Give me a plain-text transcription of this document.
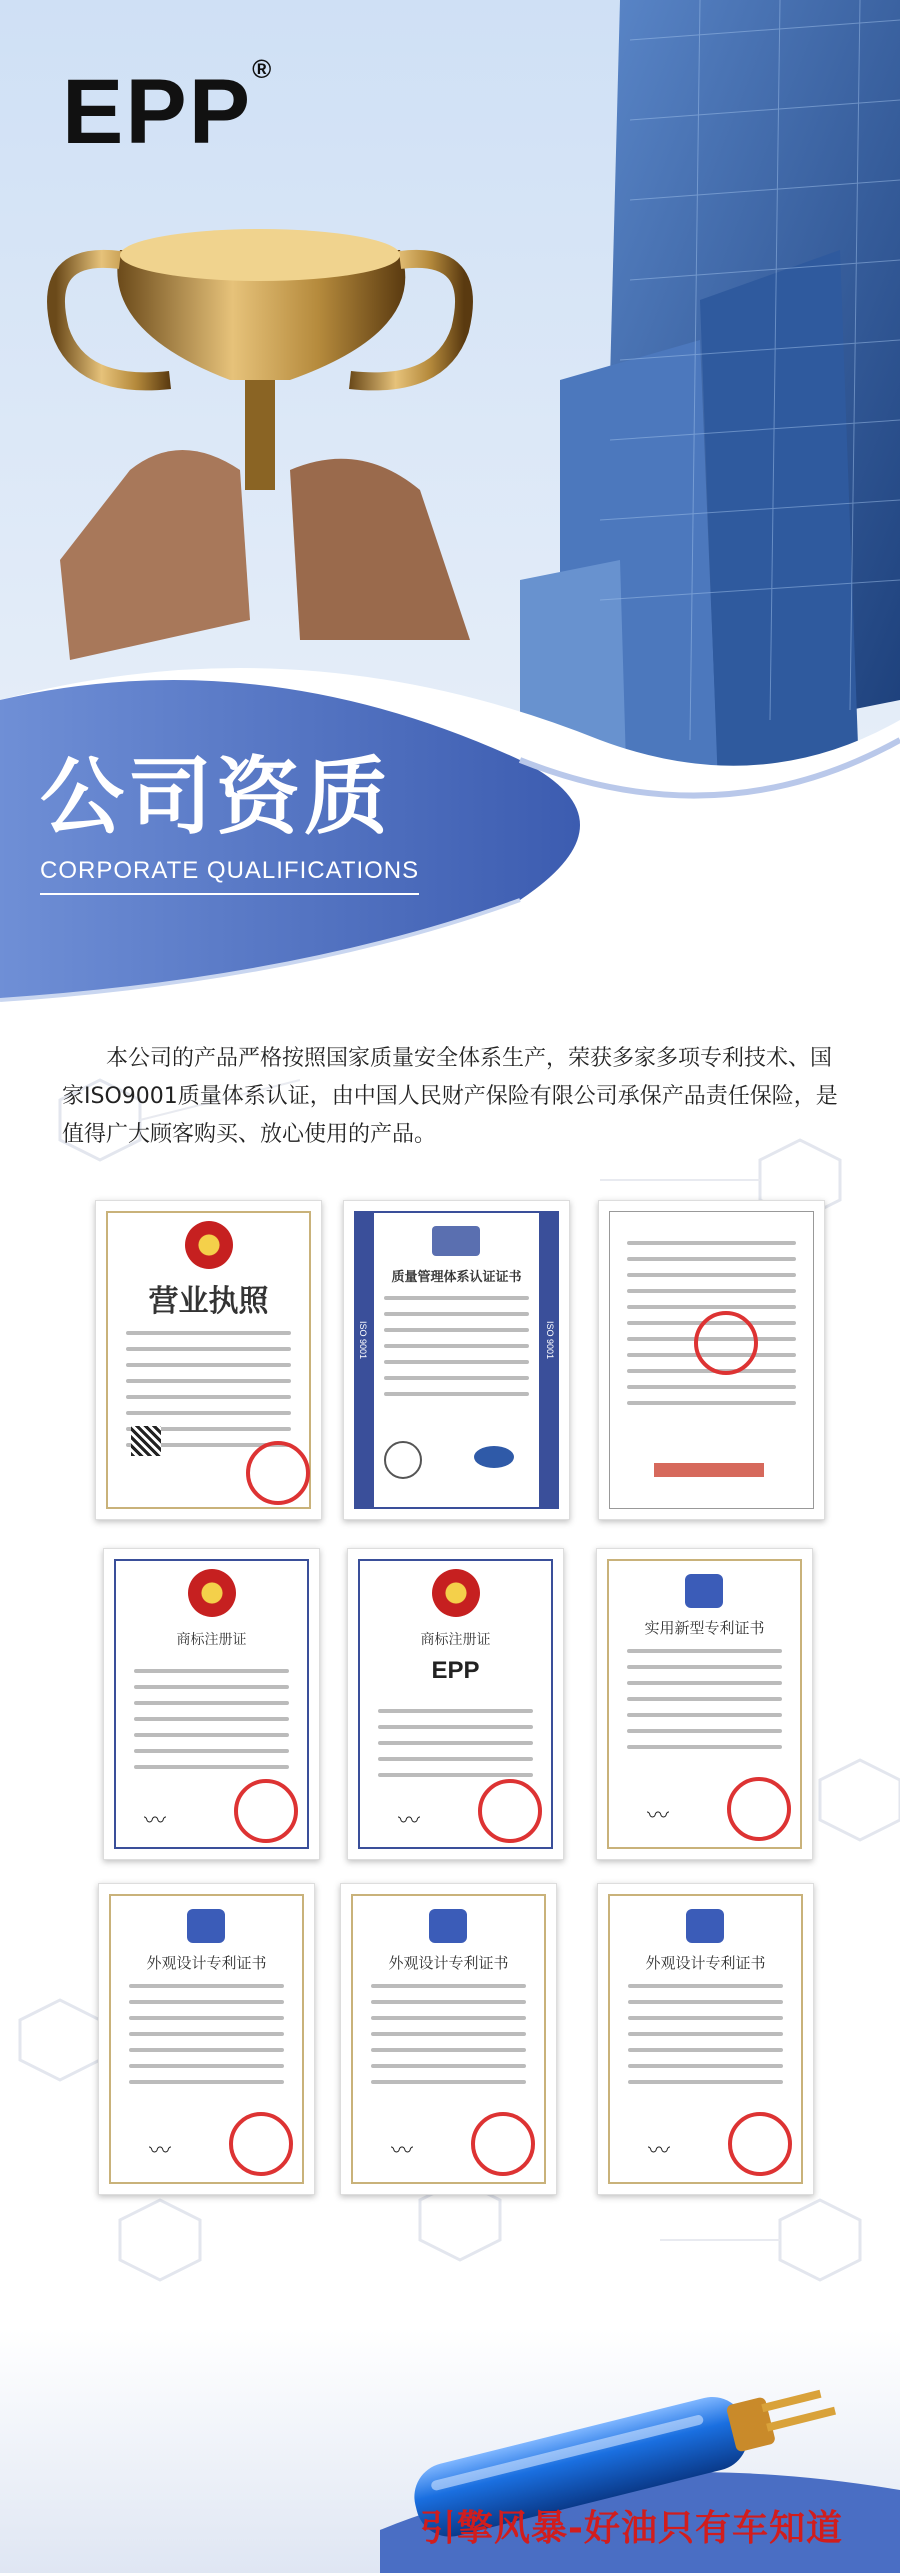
EPP®
公司资质
CORPORATE QUALIFICATIONS
本公司的产品严格按照国家质量安全体系生产，荣获多家多项专利技术、国家ISO9001质量体系认证，由中国人民财产保险有限公司承保产品责任保险，是值得广大顾客购买、放心使用的产品。
营业执照
ISO 9001	ISO 9001
质量管理体系认证证书
商标注册证
〰
商标注册证
EPP
〰
实用新型专利证书
〰
外观设计专利证书
〰
外观设计专利证书
〰
外观设计专利证书
〰
引擎风暴-好油只有车知道
